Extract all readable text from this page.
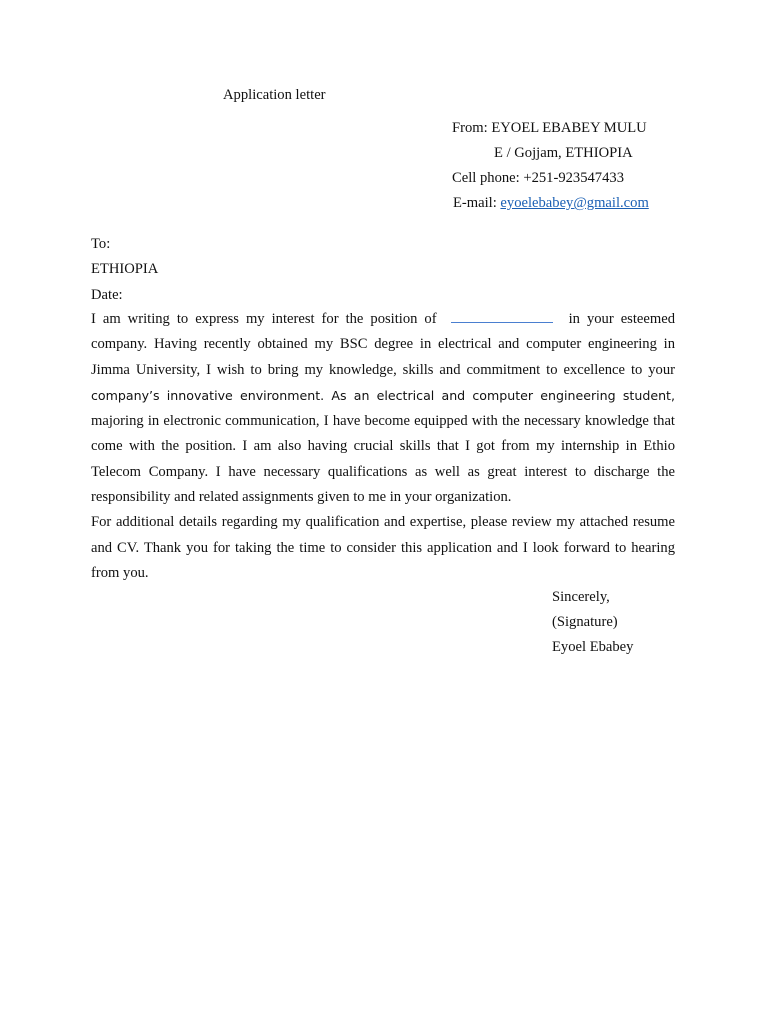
Application letter
From: EYOEL EBABEY MULU
E / Gojjam, ETHIOPIA
Cell phone: +251-923547433
E-mail: eyoelebabey@gmail.com
To:
ETHIOPIA
Date:

I am writing to express my interest for the position of	in your esteemed company. Having recently obtained my BSC degree in electrical and computer engineering in Jimma University, I wish to bring my knowledge, skills and commitment to excellence to your company’s innovative environment. As an electrical and computer engineering student, majoring in electronic communication, I have become equipped with the necessary knowledge that come with the position. I am also having crucial skills that I got from my internship in Ethio Telecom Company. I have necessary qualifications as well as great interest to discharge the responsibility and related assignments given to me in your organization.

For additional details regarding my qualification and expertise, please review my attached resume and CV. Thank you for taking the time to consider this application and I look forward to hearing from you.

Sincerely,
(Signature)
Eyoel Ebabey
